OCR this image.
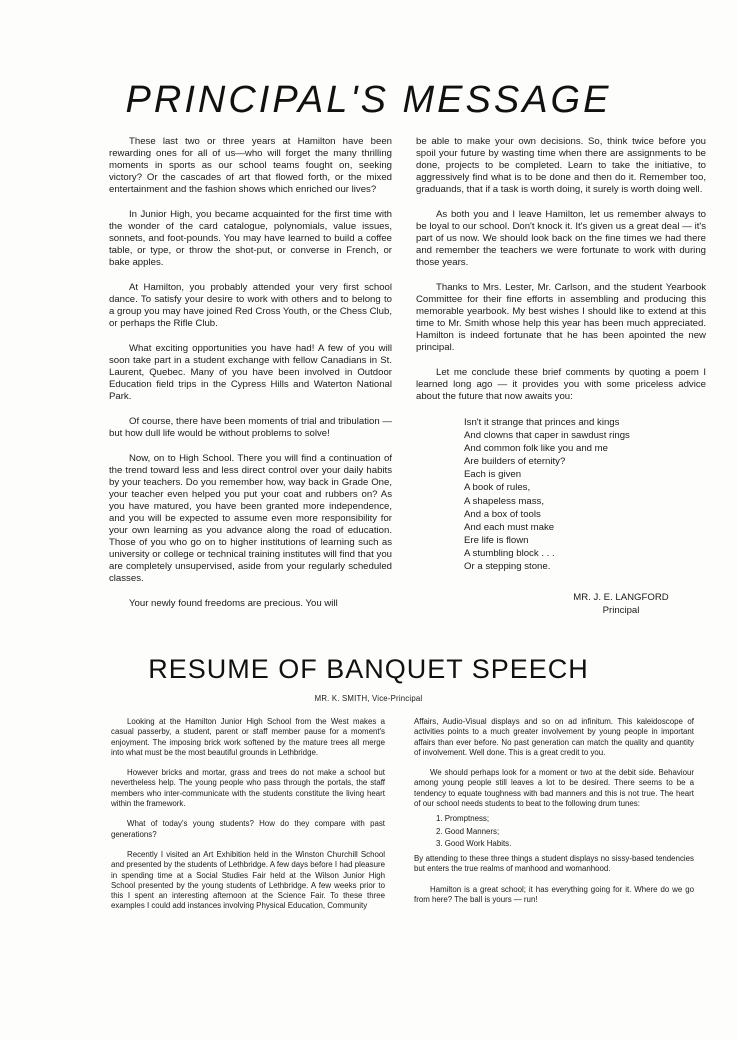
PRINCIPAL'S MESSAGE

These last two or three years at Hamilton have been rewarding ones for all of us—who will forget the many thrilling moments in sports as our school teams fought on, seeking victory? Or the cascades of art that flowed forth, or the mixed entertainment and the fashion shows which enriched our lives?

In Junior High, you became acquainted for the first time with the wonder of the card catalogue, polynomials, value issues, sonnets, and foot-pounds. You may have learned to build a coffee table, or type, or throw the shot-put, or converse in French, or bake apples.

At Hamilton, you probably attended your very first school dance. To satisfy your desire to work with others and to belong to a group you may have joined Red Cross Youth, or the Chess Club, or perhaps the Rifle Club.

What exciting opportunities you have had! A few of you will soon take part in a student exchange with fellow Canadians in St. Laurent, Quebec. Many of you have been involved in Outdoor Education field trips in the Cypress Hills and Waterton National Park.

Of course, there have been moments of trial and tribulation — but how dull life would be without problems to solve!

Now, on to High School. There you will find a continuation of the trend toward less and less direct control over your daily habits by your teachers. Do you remember how, way back in Grade One, your teacher even helped you put your coat and rubbers on? As you have matured, you have been granted more independence, and you will be expected to assume even more responsibility for your own learning as you advance along the road of education. Those of you who go on to higher institutions of learning such as university or college or technical training institutes will find that you are completely unsupervised, aside from your regularly scheduled classes.

Your newly found freedoms are precious. You will

be able to make your own decisions. So, think twice before you spoil your future by wasting time when there are assignments to be done, projects to be completed. Learn to take the initiative, to aggressively find what is to be done and then do it. Remember too, graduands, that if a task is worth doing, it surely is worth doing well.

As both you and I leave Hamilton, let us remember always to be loyal to our school. Don't knock it. It's given us a great deal — it's part of us now. We should look back on the fine times we had there and remember the teachers we were fortunate to work with during those years.

Thanks to Mrs. Lester, Mr. Carlson, and the student Yearbook Committee for their fine efforts in assembling and producing this memorable yearbook. My best wishes I should like to extend at this time to Mr. Smith whose help this year has been much appreciated. Hamilton is indeed fortunate that he has been apointed the new principal.

Let me conclude these brief comments by quoting a poem I learned long ago — it provides you with some priceless advice about the future that now awaits you:

Isn't it strange that princes and kings
And clowns that caper in sawdust rings
And common folk like you and me
Are builders of eternity?
Each is given
A book of rules,
A shapeless mass,
And a box of tools
And each must make
Ere life is flown
A stumbling block . . .
Or a stepping stone.
MR. J. E. LANGFORD
Principal
RESUME OF BANQUET SPEECH
MR. K. SMITH, Vice-Principal

Looking at the Hamilton Junior High School from the West makes a casual passerby, a student, parent or staff member pause for a moment's enjoyment. The imposing brick work softened by the mature trees all merge into what must be the most beautiful grounds in Lethbridge.

However bricks and mortar, grass and trees do not make a school but nevertheless help. The young people who pass through the portals, the staff members who inter-communicate with the students constitute the living heart within the framework.

What of today's young students? How do they compare with past generations?

Recently I visited an Art Exhibition held in the Winston Churchill School and presented by the students of Lethbridge. A few days before I had pleasure in spending time at a Social Studies Fair held at the Wilson Junior High School presented by the young students of Lethbridge. A few weeks prior to this I spent an interesting afternoon at the Science Fair. To these three examples I could add instances involving Physical Education, Community

Affairs, Audio-Visual displays and so on ad infinitum. This kaleidoscope of activities points to a much greater involvement by young people in important affairs than ever before. No past generation can match the quality and quantity of involvement. Well done. This is a great credit to you.

We should perhaps look for a moment or two at the debit side. Behaviour among young people still leaves a lot to be desired. There seems to be a tendency to equate toughness with bad manners and this is not true. The heart of our school needs students to beat to the following drum tunes:

1. Promptness;
2. Good Manners;
3. Good Work Habits.

By attending to these three things a student displays no sissy-based tendencies but enters the true realms of manhood and womanhood.

Hamilton is a great school; it has everything going for it. Where do we go from here? The ball is yours — run!
